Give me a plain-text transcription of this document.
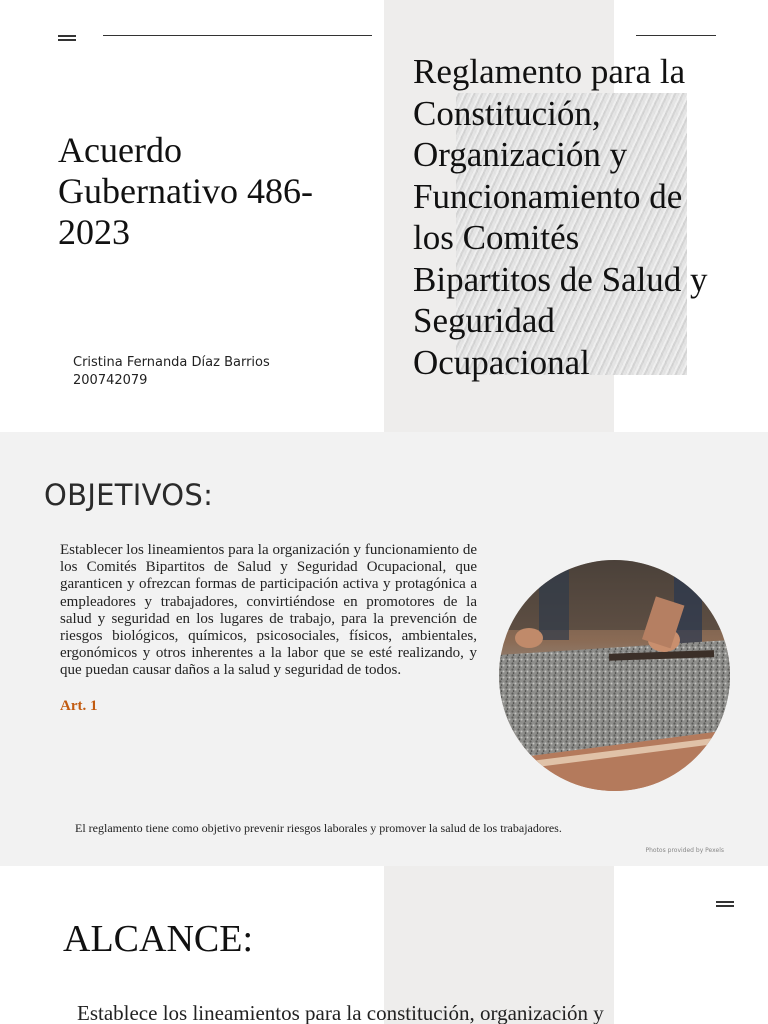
Acuerdo Gubernativo 486-2023
Cristina Fernanda Díaz Barrios 200742079
Reglamento para la Constitución, Organización y Funcionamiento de los Comités Bipartitos de Salud y Seguridad Ocupacional
OBJETIVOS:
Establecer los lineamientos para la organización y funcionamiento de los Comités Bipartitos de Salud y Seguridad Ocupacional, que garanticen y ofrezcan formas de participación activa y protagónica a empleadores y trabajadores, convirtiéndose en promotores de la salud y seguridad en los lugares de trabajo, para la prevención de riesgos biológicos, químicos, psicosociales, físicos, ambientales, ergonómicos y otros inherentes a la labor que se esté realizando, y que puedan causar daños a la salud y seguridad de todos.
Art. 1
El reglamento tiene como objetivo prevenir riesgos laborales y promover la salud de los trabajadores.
Photos provided by Pexels
ALCANCE:
Establece los lineamientos para la constitución, organización y
